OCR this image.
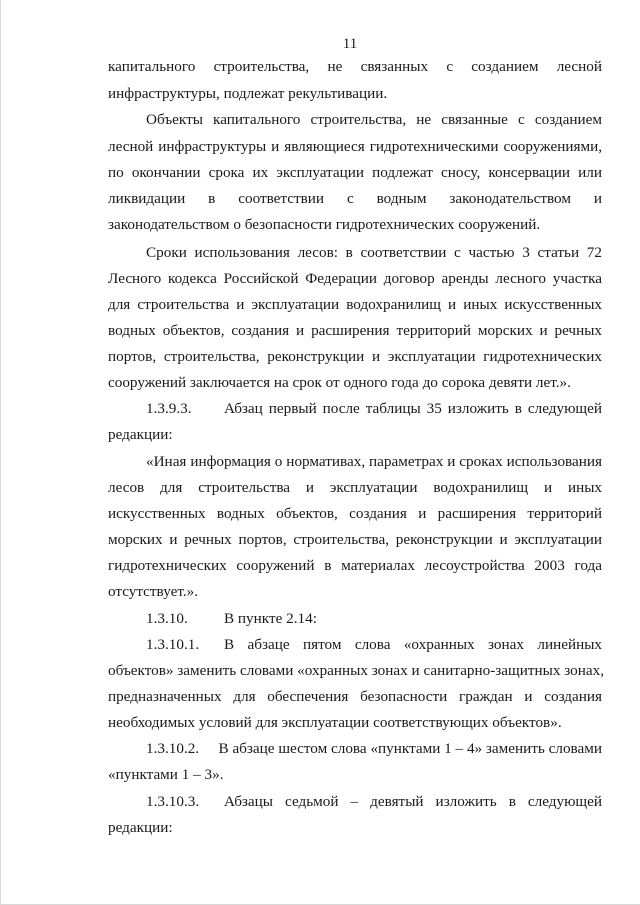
11
капитального строительства, не связанных с созданием лесной
инфраструктуры, подлежат рекультивации.
Объекты капитального строительства, не связанные с созданием
лесной инфраструктуры и являющиеся гидротехническими сооружениями,
по окончании срока их эксплуатации подлежат сносу, консервации или
ликвидации в соответствии с водным законодательством и
законодательством о безопасности гидротехнических сооружений.
Сроки использования лесов: в соответствии с частью 3 статьи 72
Лесного кодекса Российской Федерации договор аренды лесного участка
для строительства и эксплуатации водохранилищ и иных искусственных
водных объектов, создания и расширения территорий морских и речных
портов, строительства, реконструкции и эксплуатации гидротехнических
сооружений заключается на срок от одного года до сорока девяти лет.».
1.3.9.3.	Абзац первый после таблицы 35 изложить в следующей
редакции:
«Иная информация о нормативах, параметрах и сроках использования
лесов для строительства и эксплуатации водохранилищ и иных
искусственных водных объектов, создания и расширения территорий
морских и речных портов, строительства, реконструкции и эксплуатации
гидротехнических сооружений в материалах лесоустройства 2003 года
отсутствует.».
1.3.10.	В пункте 2.14:
1.3.10.1.	В абзаце пятом слова «охранных зонах линейных
объектов» заменить словами «охранных зонах и санитарно-защитных зонах,
предназначенных для обеспечения безопасности граждан и создания
необходимых условий для эксплуатации соответствующих объектов».
1.3.10.2.	В абзаце шестом слова «пунктами 1 – 4» заменить словами
«пунктами 1 – 3».
1.3.10.3.	Абзацы седьмой – девятый изложить в следующей
редакции:
